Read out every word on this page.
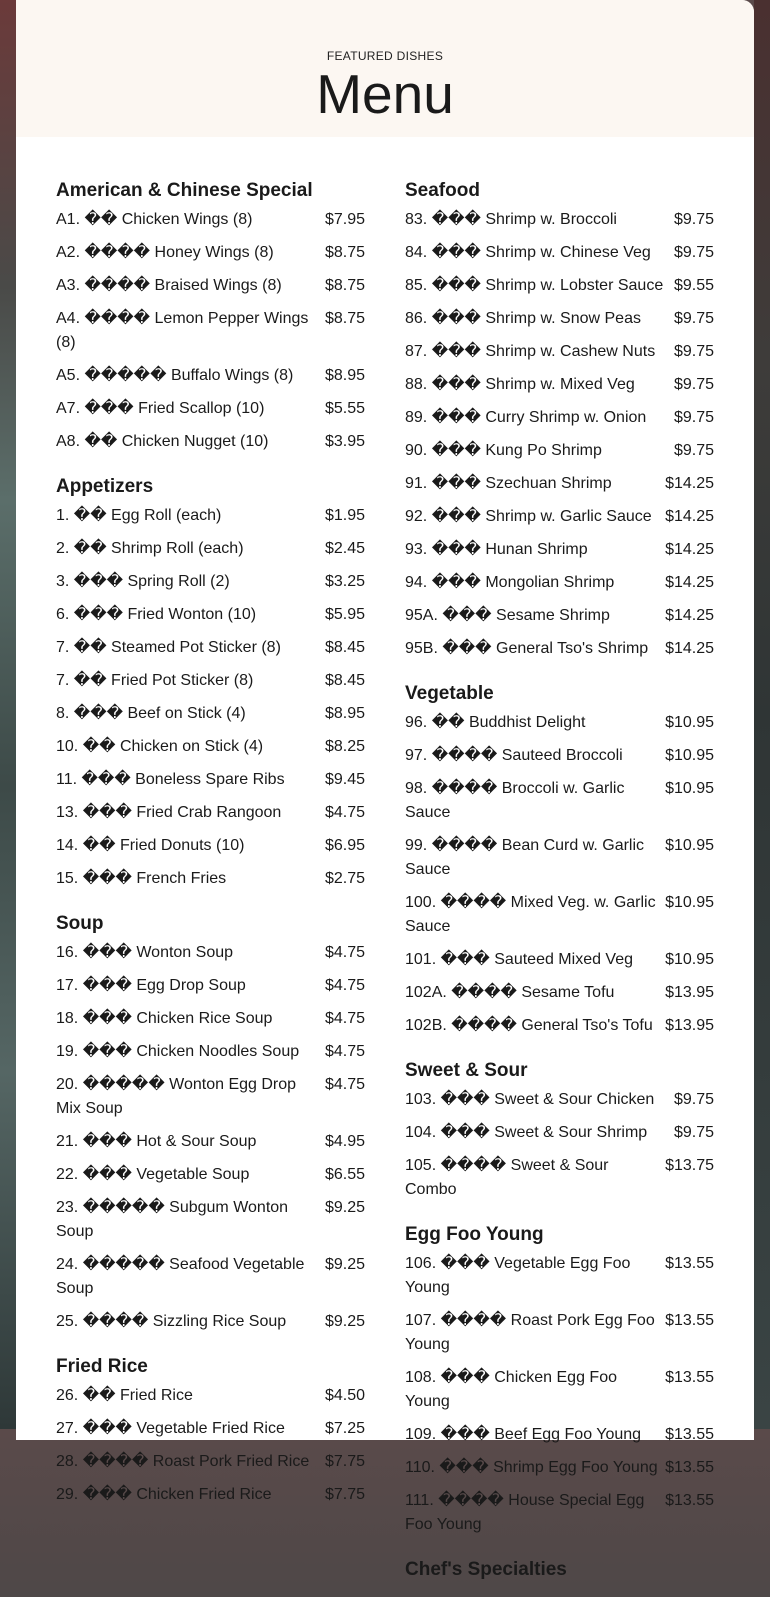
FEATURED DISHES
Menu
American & Chinese Special
A1. �� Chicken Wings (8)	$7.95
A2. ���� Honey Wings (8)	$8.75
A3. ���� Braised Wings (8)	$8.75
A4. ���� Lemon Pepper Wings (8)
$8.75
A5. ����� Buffalo Wings (8)	$8.95
A7. ��� Fried Scallop (10)	$5.55
A8. �� Chicken Nugget (10)	$3.95
Appetizers
1. �� Egg Roll (each)	$1.95
2. �� Shrimp Roll (each)	$2.45
3. ��� Spring Roll (2)	$3.25
6. ��� Fried Wonton (10)	$5.95
7. �� Steamed Pot Sticker (8)	$8.45
7. �� Fried Pot Sticker (8)	$8.45
8. ��� Beef on Stick (4)	$8.95
10. �� Chicken on Stick (4)	$8.25
11. ��� Boneless Spare Ribs	$9.45
13. ��� Fried Crab Rangoon	$4.75
14. �� Fried Donuts (10)	$6.95
15. ��� French Fries	$2.75
Soup
16. ��� Wonton Soup	$4.75
17. ��� Egg Drop Soup	$4.75
18. ��� Chicken Rice Soup	$4.75
19. ��� Chicken Noodles Soup	$4.75
20. ����� Wonton Egg Drop Mix Soup
$4.75
21. ��� Hot & Sour Soup	$4.95
22. ��� Vegetable Soup	$6.55
23. ����� Subgum Wonton Soup
$9.25
24. ����� Seafood Vegetable Soup
$9.25
25. ���� Sizzling Rice Soup	$9.25
Fried Rice
26. �� Fried Rice	$4.50
27. ��� Vegetable Fried Rice	$7.25
28. ���� Roast Pork Fried Rice $7.75
29. ��� Chicken Fried Rice	$7.75
Seafood
83. ��� Shrimp w. Broccoli	$9.75
84. ��� Shrimp w. Chinese Veg	$9.75
85. ��� Shrimp w. Lobster Sauce $9.55
86. ��� Shrimp w. Snow Peas	$9.75
87. ��� Shrimp w. Cashew Nuts	$9.75
88. ��� Shrimp w. Mixed Veg	$9.75
89. ��� Curry Shrimp w. Onion	$9.75
90. ��� Kung Po Shrimp	$9.75
91. ��� Szechuan Shrimp	$14.25
92. ��� Shrimp w. Garlic Sauce $14.25
93. ��� Hunan Shrimp	$14.25
94. ��� Mongolian Shrimp	$14.25
95A. ��� Sesame Shrimp	$14.25
95B. ��� General Tso's Shrimp	$14.25
Vegetable
96. �� Buddhist Delight	$10.95
97. ���� Sauteed Broccoli	$10.95
98. ���� Broccoli w. Garlic Sauce
$10.95
99. ���� Bean Curd w. Garlic Sauce
$10.95
100. ���� Mixed Veg. w. Garlic Sauce
$10.95
101. ��� Sauteed Mixed Veg	$10.95
102A. ���� Sesame Tofu	$13.95
102B. ���� General Tso's Tofu $13.95
Sweet & Sour
103. ��� Sweet & Sour Chicken	$9.75
104. ��� Sweet & Sour Shrimp	$9.75
105. ���� Sweet & Sour Combo
$13.75
Egg Foo Young
106. ��� Vegetable Egg Foo Young
$13.55
107. ���� Roast Pork Egg Foo Young
$13.55
108. ��� Chicken Egg Foo Young
$13.55
109. ��� Beef Egg Foo Young	$13.55
110. ��� Shrimp Egg Foo Young $13.55
111. ���� House Special Egg Foo Young
$13.55
Chef's Specialties
